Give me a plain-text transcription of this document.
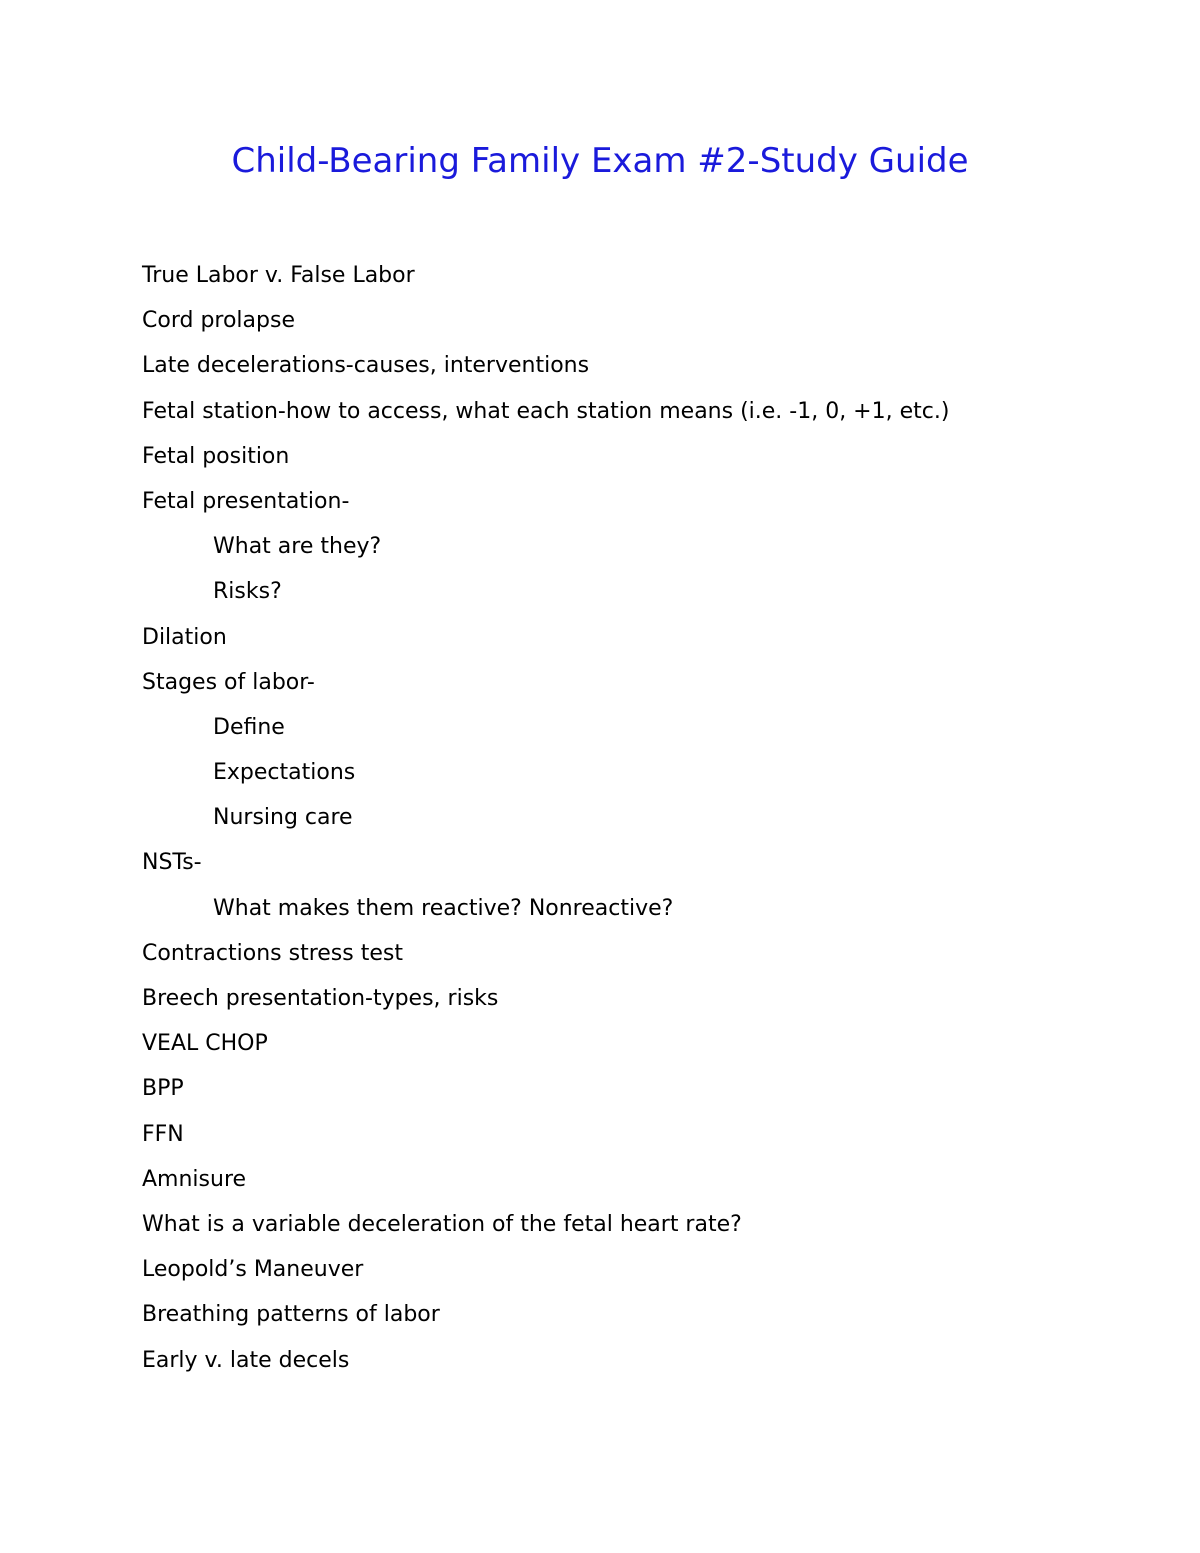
Child-Bearing Family Exam #2-Study Guide
True Labor v. False Labor
Cord prolapse
Late decelerations-causes, interventions
Fetal station-how to access, what each station means (i.e. -1, 0, +1, etc.)
Fetal position
Fetal presentation-
What are they?
Risks?
Dilation
Stages of labor-
Define
Expectations
Nursing care
NSTs-
What makes them reactive? Nonreactive?
Contractions stress test
Breech presentation-types, risks
VEAL CHOP
BPP
FFN
Amnisure
What is a variable deceleration of the fetal heart rate?
Leopold’s Maneuver
Breathing patterns of labor
Early v. late decels
